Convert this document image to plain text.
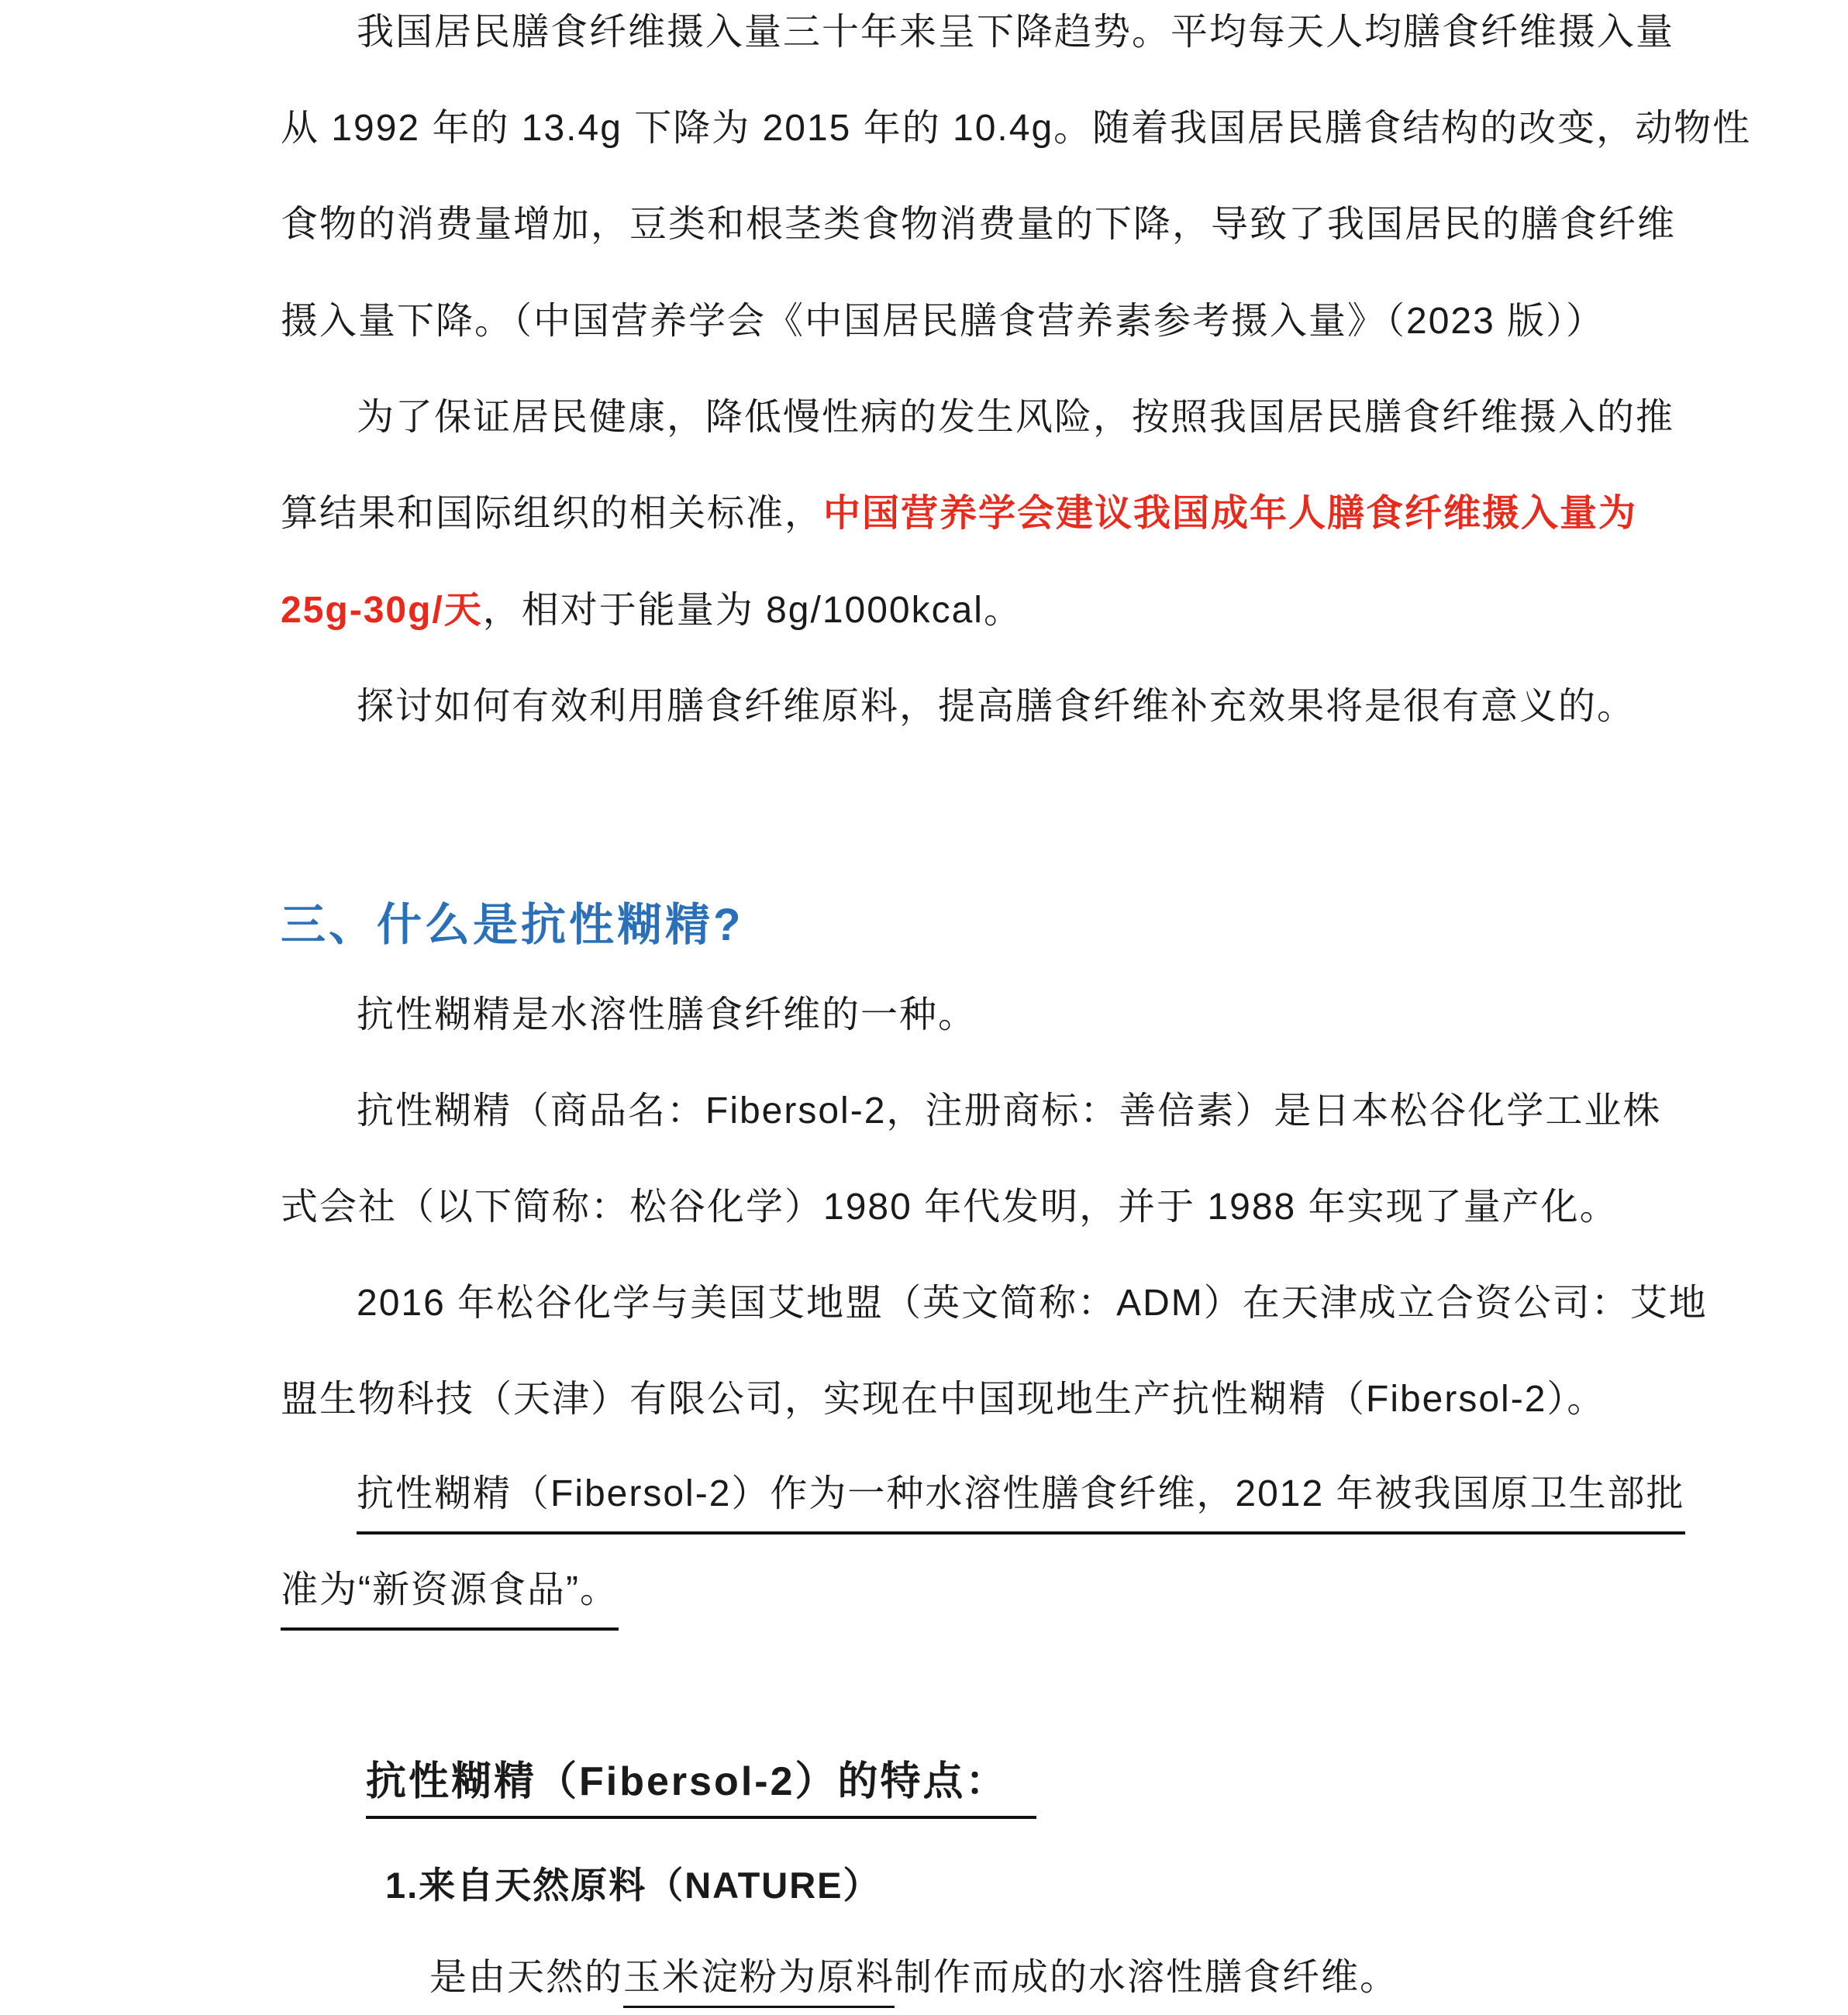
我国居民膳食纤维摄入量三十年来呈下降趋势。平均每天人均膳食纤维摄入量
从 1992 年的 13.4g 下降为 2015 年的 10.4g。随着我国居民膳食结构的改变，动物性
食物的消费量增加，豆类和根茎类食物消费量的下降，导致了我国居民的膳食纤维
摄入量下降。（中国营养学会《中国居民膳食营养素参考摄入量》（2023 版））
为了保证居民健康，降低慢性病的发生风险，按照我国居民膳食纤维摄入的推
算结果和国际组织的相关标准，中国营养学会建议我国成年人膳食纤维摄入量为
25g-30g/天，相对于能量为 8g/1000kcal。
探讨如何有效利用膳食纤维原料，提高膳食纤维补充效果将是很有意义的。
三、什么是抗性糊精?
抗性糊精是水溶性膳食纤维的一种。
抗性糊精（商品名：Fibersol-2，注册商标：善倍素）是日本松谷化学工业株
式会社（以下简称：松谷化学）1980 年代发明，并于 1988 年实现了量产化。
2016 年松谷化学与美国艾地盟（英文简称：ADM）在天津成立合资公司：艾地
盟生物科技（天津）有限公司，实现在中国现地生产抗性糊精（Fibersol-2）。
抗性糊精（Fibersol-2）作为一种水溶性膳食纤维，2012 年被我国原卫生部批
准为“新资源食品”。
抗性糊精（Fibersol-2）的特点：
1.来自天然原料（NATURE）
是由天然的玉米淀粉为原料制作而成的水溶性膳食纤维。
